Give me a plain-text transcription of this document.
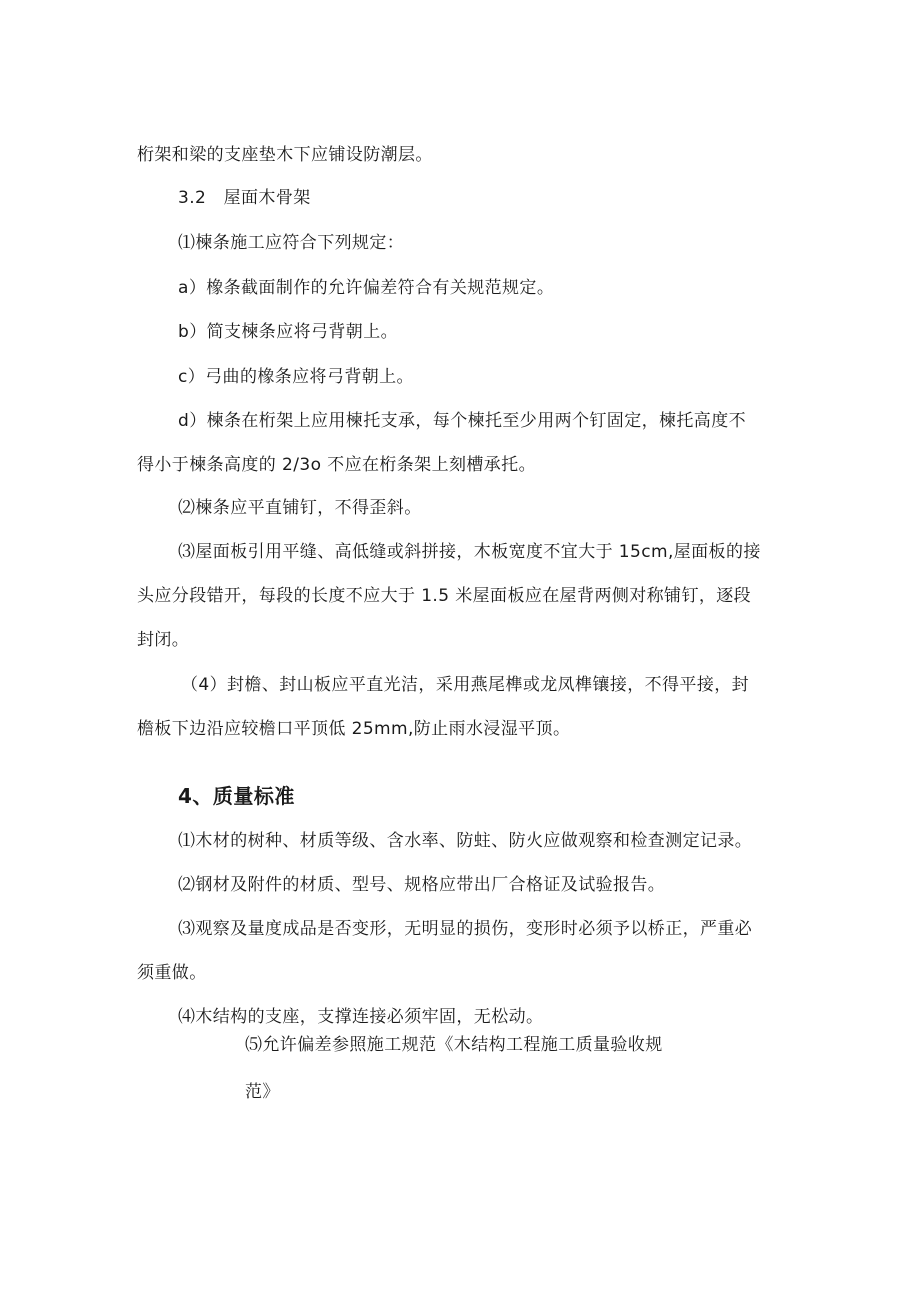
桁架和梁的支座垫木下应铺设防潮层。
3.2　屋面木骨架
⑴楝条施工应符合下列规定：
a）橡条截面制作的允许偏差符合有关规范规定。
b）简支楝条应将弓背朝上。
c）弓曲的橡条应将弓背朝上。
d）楝条在桁架上应用楝托支承，每个楝托至少用两个钉固定，楝托高度不
得小于楝条高度的 2/3o 不应在桁条架上刻槽承托。
⑵楝条应平直铺钉，不得歪斜。
⑶屋面板引用平缝、高低缝或斜拼接，木板宽度不宜大于 15cm,屋面板的接
头应分段错开，每段的长度不应大于 1.5 米屋面板应在屋背两侧对称铺钉，逐段
封闭。
（4）封檐、封山板应平直光洁，采用燕尾榫或龙凤榫镶接，不得平接，封
檐板下边沿应较檐口平顶低 25mm,防止雨水浸湿平顶。
4、质量标准
⑴木材的树种、材质等级、含水率、防蛀、防火应做观察和检查测定记录。
⑵钢材及附件的材质、型号、规格应带出厂合格证及试验报告。
⑶观察及量度成品是否变形，无明显的损伤，变形时必须予以桥正，严重必
须重做。
⑷木结构的支座，支撑连接必须牢固，无松动。
⑸允许偏差参照施工规范《木结构工程施工质量验收规
范》
